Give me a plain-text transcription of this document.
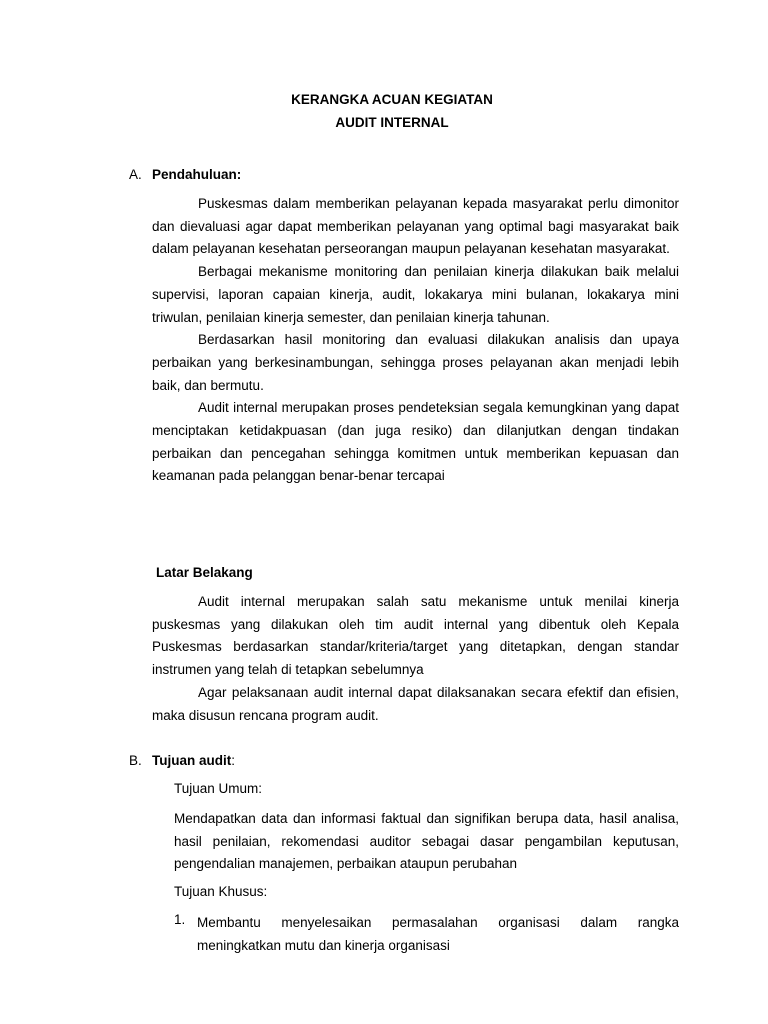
KERANGKA ACUAN KEGIATAN
AUDIT INTERNAL
A. Pendahuluan:

Puskesmas dalam memberikan pelayanan kepada masyarakat perlu dimonitor dan dievaluasi agar dapat memberikan pelayanan yang optimal bagi masyarakat baik dalam pelayanan kesehatan perseorangan maupun pelayanan kesehatan masyarakat.

Berbagai mekanisme monitoring dan penilaian kinerja dilakukan baik melalui supervisi, laporan capaian kinerja, audit, lokakarya mini bulanan, lokakarya mini triwulan, penilaian kinerja semester, dan penilaian kinerja tahunan.

Berdasarkan hasil monitoring dan evaluasi dilakukan analisis dan upaya perbaikan yang berkesinambungan, sehingga proses pelayanan akan menjadi lebih baik, dan bermutu.

Audit internal merupakan proses pendeteksian segala kemungkinan yang dapat menciptakan ketidakpuasan (dan juga resiko) dan dilanjutkan dengan tindakan perbaikan dan pencegahan sehingga komitmen untuk memberikan kepuasan dan keamanan pada pelanggan benar-benar tercapai

Latar Belakang

Audit internal merupakan salah satu mekanisme untuk menilai kinerja puskesmas yang dilakukan oleh tim audit internal yang dibentuk oleh Kepala Puskesmas berdasarkan standar/kriteria/target yang ditetapkan, dengan standar instrumen yang telah di tetapkan sebelumnya

Agar pelaksanaan audit internal dapat dilaksanakan secara efektif dan efisien, maka disusun rencana program audit.

B. Tujuan audit:
Tujuan Umum:

Mendapatkan data dan informasi faktual dan signifikan berupa data, hasil analisa, hasil penilaian, rekomendasi auditor sebagai dasar pengambilan keputusan, pengendalian manajemen, perbaikan ataupun perubahan

Tujuan Khusus:
1. Membantu menyelesaikan permasalahan organisasi dalam rangka meningkatkan mutu dan kinerja organisasi
